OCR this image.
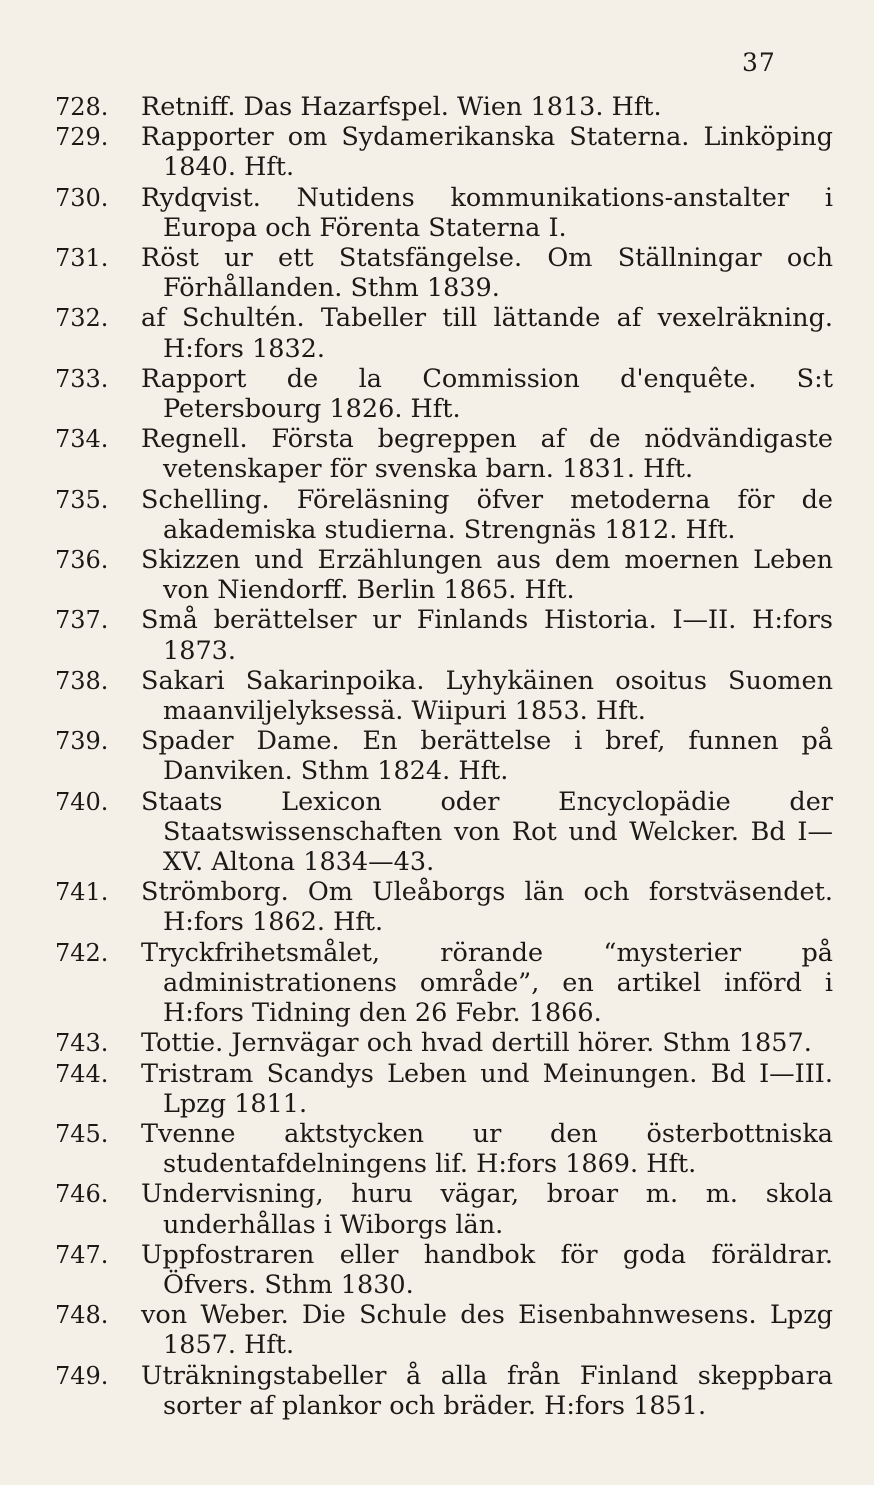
37
728.	Retniff. Das Hazarfspel. Wien 1813. Hft.
729.	Rapporter om Sydamerikanska Staterna. Linköping 1840. Hft.
730.	Rydqvist. Nutidens kommunikations-anstalter i Europa och Förenta Staterna I.
731.	Röst ur ett Statsfängelse. Om Ställningar och Förhållanden. Sthm 1839.
732.	af Schultén. Tabeller till lättande af vexelräkning. H:fors 1832.
733.	Rapport de la Commission d'enquête. S:t Petersbourg 1826. Hft.
734.	Regnell. Första begreppen af de nödvändigaste vetenskaper för svenska barn. 1831. Hft.
735.	Schelling. Föreläsning öfver metoderna för de akademiska studierna. Strengnäs 1812. Hft.
736.	Skizzen und Erzählungen aus dem moernen Leben von Niendorff. Berlin 1865. Hft.
737.	Små berättelser ur Finlands Historia. I—II. H:fors 1873.
738.	Sakari Sakarinpoika. Lyhykäinen osoitus Suomen maanviljelyksessä. Wiipuri 1853. Hft.
739.	Spader Dame. En berättelse i bref, funnen på Danviken. Sthm 1824. Hft.
740.	Staats Lexicon oder Encyclopädie der Staatswissenschaften von Rot und Welcker. Bd I—XV. Altona 1834—43.
741.	Strömborg. Om Uleåborgs län och forstväsendet. H:fors 1862. Hft.
742.	Tryckfrihetsmålet, rörande “mysterier på administrationens område”, en artikel införd i H:fors Tidning den 26 Febr. 1866.
743.	Tottie. Jernvägar och hvad dertill hörer. Sthm 1857.
744.	Tristram Scandys Leben und Meinungen. Bd I—III. Lpzg 1811.
745.	Tvenne aktstycken ur den österbottniska studentafdelningens lif. H:fors 1869. Hft.
746.	Undervisning, huru vägar, broar m. m. skola underhållas i Wiborgs län.
747.	Uppfostraren eller handbok för goda föräldrar. Öfvers. Sthm 1830.
748.	von Weber. Die Schule des Eisenbahnwesens. Lpzg 1857. Hft.
749.	Uträkningstabeller å alla från Finland skeppbara sorter af plankor och bräder. H:fors 1851.
